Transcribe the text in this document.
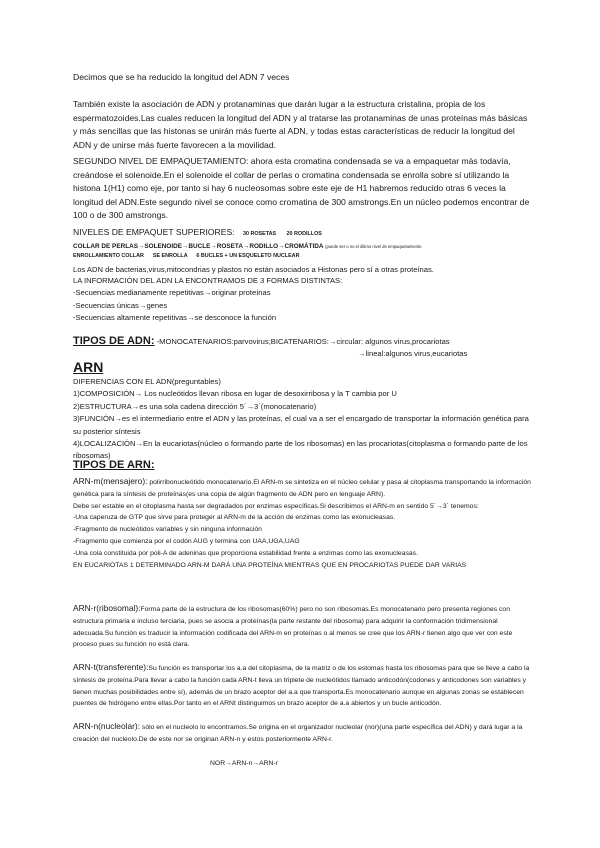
Decimos que se ha reducido la longitud del ADN 7 veces

También existe la asociación de ADN y protanaminas que darán lugar a la estructura cristalina, propia de los espermatozoides.Las cuales reducen la longitud del ADN y al tratarse las protanaminas de unas proteínas más básicas y más sencillas que las histonas se unirán más fuerte al ADN, y todas estas características de reducir la longitud del ADN y de unirse más fuerte favorecen a la movilidad.

SEGUNDO NIVEL DE EMPAQUETAMIENTO: ahora esta cromatina condensada se va a empaquetar más todavía, creándose el solenoide.En el solenoide el collar de perlas o cromatina condensada se enrolla sobre sí utilizando la histona 1(H1) como eje, por tanto si hay 6 nucleosomas sobre este eje de H1 habremos reducido otras 6 veces la longitud del ADN.Este segundo nivel se conoce como cromatina de 300 amstrongs.En un núcleo podemos encontrar de 100 o de 300 amstrongs.

NIVELES DE EMPAQUET SUPERIORES: 30 ROSETAS 20 RODILLOS

COLLAR DE PERLAS→SOLENOIDE→BUCLE→ROSETA→RODILLO→CROMÁTIDA (puede ser o no el último nivel de empaquetamiento

ENROLLAMIENTO COLLAR      SE ENROLLA      6 BUCLES + UN ESQUELETO NUCLEAR

Los ADN de bacterias,virus,mitocondrias y plastos no están asociados a Histonas pero sí a otras proteínas.

LA INFORMACIÓN DEL ADN LA ENCONTRAMOS DE 3 FORMAS DISTINTAS:

-Secuencias medianamente repetitivas→originar proteínas

-Secuencias únicas→genes

-Secuencias altamente repetitivas→se desconoce la función

TIPOS DE ADN: -MONOCATENARIOS:parvovirus;BICATENARIOS:→circular: algunos virus,procariotas

→lineal:algunos virus,eucariotas

ARN

DIFERENCIAS CON EL ADN(preguntables)

1)COMPOSICIÓN→ Los nucleótidos llevan ribosa en lugar de desoxirribosa y la T cambia por U

2)ESTRUCTURA→es una sola cadena dirección 5´→3´(monocatenario)

3)FUNCIÓN→es el intermediario entre el ADN y las proteínas, el cual va a ser el encargado de transportar la información genética para su posterior síntesis

4)LOCALIZACIÓN→En la eucariotas(núcleo o formando parte de los ribosomas) en las procariotas(citoplasma o formando parte de los ribosomas)

TIPOS DE ARN:

ARN-m(mensajero): polirribonucleótido monocatenario.El ARN-m se sintetiza en el núcleo celular y pasa al citoplasma transportando la información genética para la síntesis de proteínas(es una copia de algún fragmento de ADN pero en lenguaje ARN).

Debe ser estable en el citoplasma hasta ser degradados por enzimas específicas.Si describimos el ARN-m en sentido 5´→3´ tenemos:

-Una caperuza de GTP que sirve para proteger al ARN-m de la acción de enzimas como las exonucleasas.

-Fragmento de nucleótidos variables y sin ninguna información

-Fragmento que comienza por el codón AUG y termina con UAA,UGA,UAG

-Una cola constituida por poli-A de adeninas que proporciona estabilidad frente a enzimas como las exonucleasas.

EN EUCARIOTAS 1 DETERMINADO ARN-M DARÁ UNA PROTEÍNA MIENTRAS QUE EN PROCARIOTAS PUEDE DAR VARIAS

ARN-r(ribosomal):Forma parte de la estructura de los ribosomas(60%) pero no son ribosomas.Es monocatenario pero presenta regiones con estructura primaria e incluso terciaria, pues se asocia a proteínas(la parte restante del ribosoma) para adquirir la conformación tridimensional adecuada.Su función es traducir la información codificada del ARN-m en proteínas o al menos se cree que los ARN-r tienen algo que ver con este proceso pues su función no está clara.

ARN-t(transferente):Su función es transportar los a.a del citoplasma, de la matriz o de los estomas hasta los ribosomas para que se lleve a cabo la síntesis de proteína.Para llevar a cabo la función cada ARN-t lleva un triplete de nucleótidos llamado anticodón(codones y anticodones son variables y tienen muchas posibilidades entre sí), además de un brazo aceptor del a.a que transporta.Es monocatenario aunque en algunas zonas se establecen puentes de hidrógeno entre ellas.Por tanto en el ARNt distinguimos un brazo aceptor de a.a abiertos y un bucle anticodón.

ARN-n(nucleolar): sólo en el nucleolo lo encontramos.Se origina en el organizador nucleolar (nor)(una parte específica del ADN) y dará lugar a la creación del nucleolo.De de este nor se originan ARN-n y estos posteriormente ARN-r.

NOR→ARN-n→ARN-r
